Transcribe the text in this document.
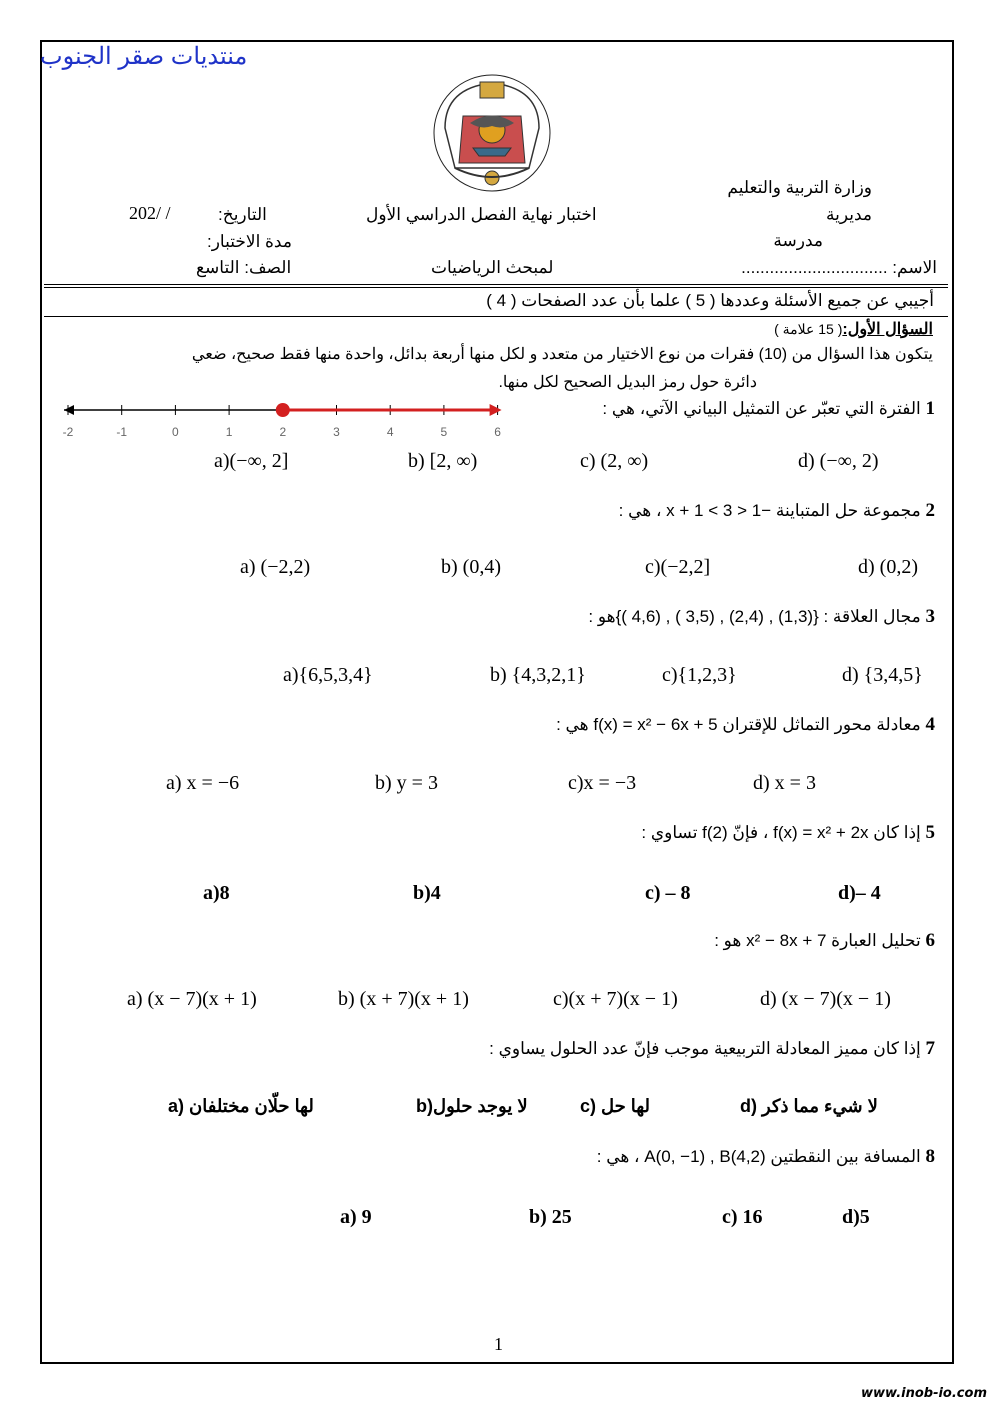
منتديات صقر الجنوب
وزارة التربية والتعليم
مديرية
مدرسة
الاسم: ...............................
اختبار نهاية الفصل الدراسي الأول
لمبحث الرياضيات
التاريخ:
202/ /
مدة الاختبار:
الصف: التاسع
أجيبي عن جميع الأسئلة وعددها ( 5 ) علما بأن عدد الصفحات ( 4 )
السؤال الأول:( 15 علامة )
يتكون هذا السؤال من (10) فقرات من نوع الاختيار من متعدد و لكل منها أربعة بدائل، واحدة منها فقط صحيح، ضعي
دائرة حول رمز البديل الصحيح لكل منها.
-2	-1	0	1	2	3	4	5	6
1 الفترة التي تعبّر عن التمثيل البياني الآتي، هي :
a)(−∞, 2]	b) [2, ∞)	c) (2, ∞)	d) (−∞, 2)
2 مجموعة حل المتباينة −1 < x + 1 < 3 ، هي :
a) (−2,2)	b) (0,4)	c)(−2,2]	d) (0,2)
3 مجال العلاقة : {(1,3) , (2,4) , (3,5 ) , (4,6 )}هو :
a){6,5,3,4}	b) {4,3,2,1}	c){1,2,3}	d) {3,4,5}
4 معادلة محور التماثل للإقتران f(x) = x² − 6x + 5 هي :
a) x = −6	b) y = 3	c)x = −3	d) x = 3
5 إذا كان f(x) = x² + 2x ، فإنّ f(2) تساوي :
a)8	b)4	c) – 8	d)– 4
6 تحليل العبارة x² − 8x + 7 هو :
a) (x − 7)(x + 1)	b) (x + 7)(x + 1)	c)(x + 7)(x − 1)	d) (x − 7)(x − 1)
7 إذا كان مميز المعادلة التربيعية موجب فإنّ عدد الحلول يساوي :
a) لها حلّان مختلفان	b)لا يوجد حلول	c) لها حل	d) لا شيء مما ذكر
8 المسافة بين النقطتين A(0, −1) , B(4,2) ، هي :
a) 9	b) 25	c) 16	d)5
1
www.inob-io.com
